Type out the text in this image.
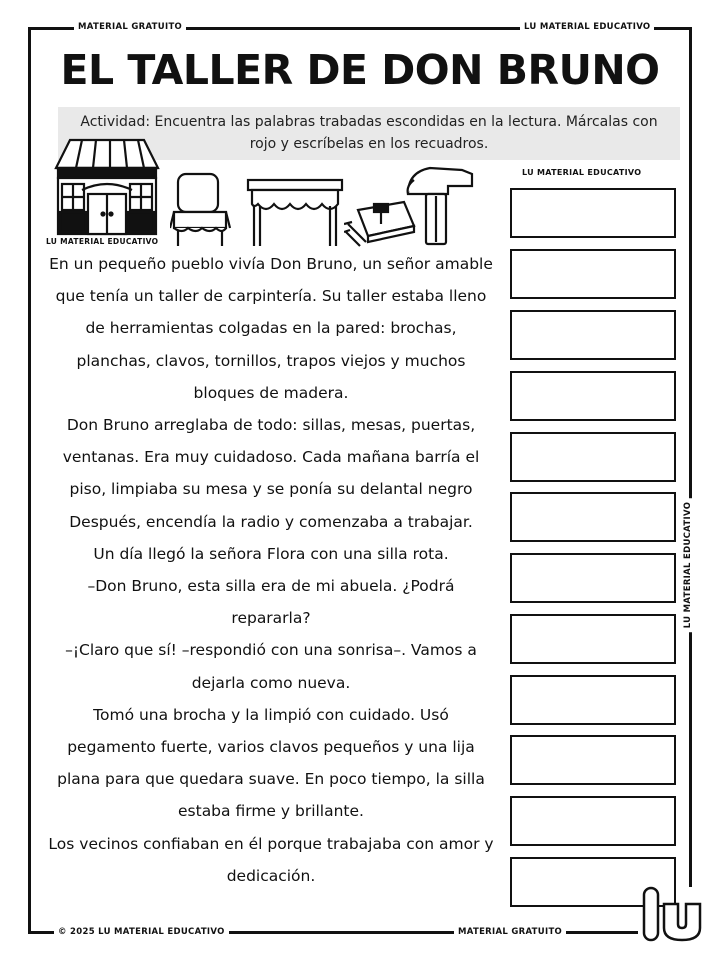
MATERIAL GRATUITO	LU MATERIAL EDUCATIVO
EL TALLER DE DON BRUNO
Actividad: Encuentra las palabras trabadas escondidas en la lectura. Márcalas con rojo y escríbelas en los recuadros.
LU MATERIAL EDUCATIVO

En un pequeño pueblo vivía Don Bruno, un señor amable que tenía un taller de carpintería. Su taller estaba lleno de herramientas colgadas en la pared: brochas, planchas, clavos, tornillos, trapos viejos y muchos bloques de madera.

Don Bruno arreglaba de todo: sillas, mesas, puertas, ventanas. Era muy cuidadoso. Cada mañana barría el piso, limpiaba su mesa y se ponía su delantal negro Después, encendía la radio y comenzaba a trabajar.

Un día llegó la señora Flora con una silla rota.

–Don Bruno, esta silla era de mi abuela. ¿Podrá repararla?

–¡Claro que sí! –respondió con una sonrisa–. Vamos a dejarla como nueva.

Tomó una brocha y la limpió con cuidado. Usó pegamento fuerte, varios clavos pequeños y una lija plana para que quedara suave. En poco tiempo, la silla estaba firme y brillante.

Los vecinos confiaban en él porque trabajaba con amor y dedicación.

LU MATERIAL EDUCATIVO
LU MATERIAL EDUCATIVO
© 2025 LU MATERIAL EDUCATIVO	MATERIAL GRATUITO
